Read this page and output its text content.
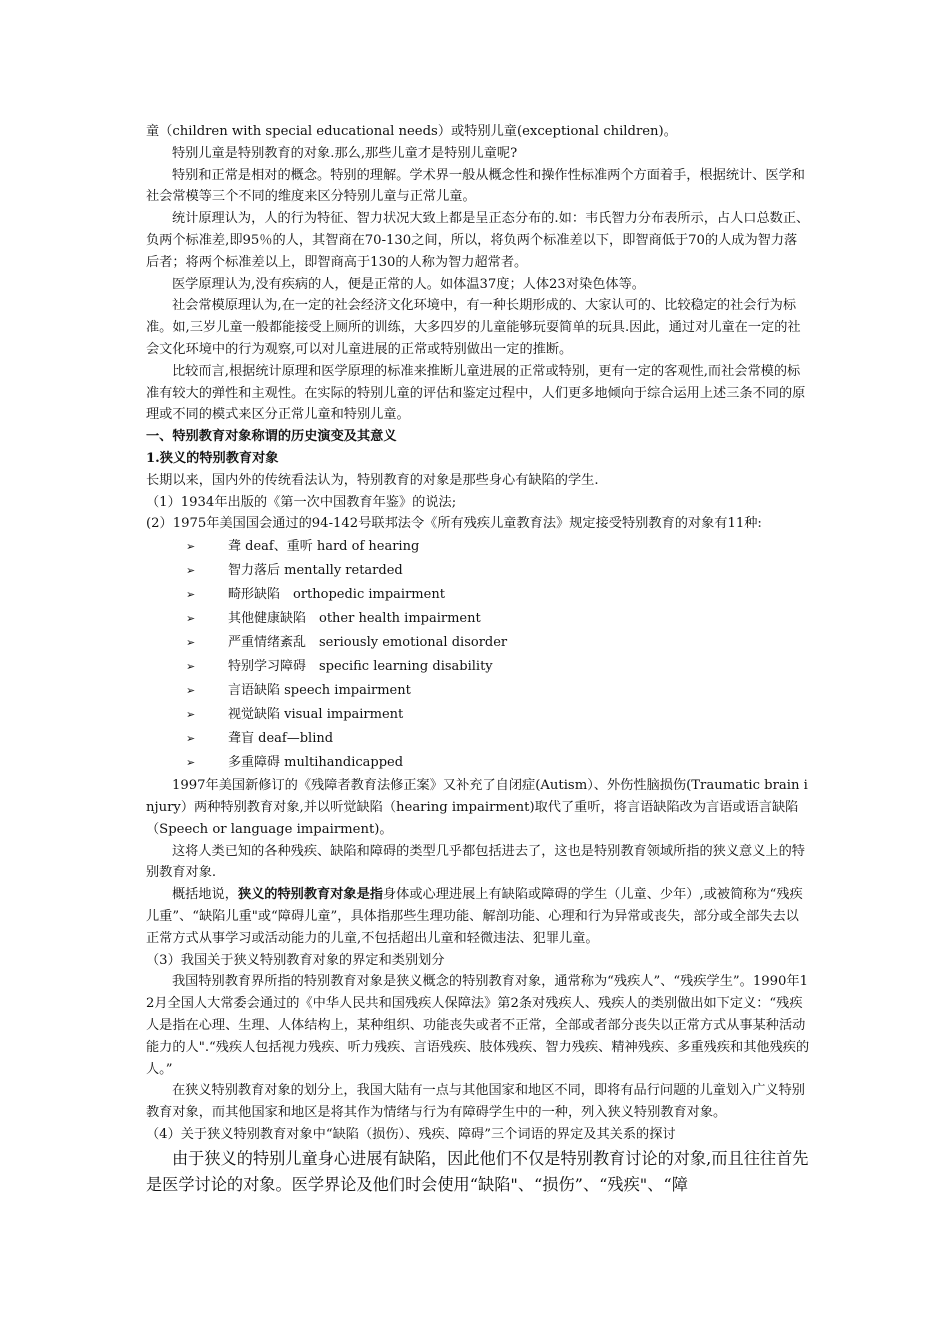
童（children with special educational needs）或特别儿童(exceptional children)。

特别儿童是特别教育的对象.那么,那些儿童才是特别儿童呢?

特别和正常是相对的概念。特别的理解。学术界一般从概念性和操作性标准两个方面着手，根据统计、医学和社会常模等三个不同的维度来区分特别儿童与正常儿童。

统计原理认为，人的行为特征、智力状况大致上都是呈正态分布的.如：韦氏智力分布表所示，占人口总数正、负两个标准差,即95％的人，其智商在70-130之间，所以，将负两个标准差以下，即智商低于70的人成为智力落后者；将两个标准差以上，即智商高于130的人称为智力超常者。

医学原理认为,没有疾病的人，便是正常的人。如体温37度；人体23对染色体等。

社会常模原理认为,在一定的社会经济文化环境中，有一种长期形成的、大家认可的、比较稳定的社会行为标准。如,三岁儿童一般都能接受上厕所的训练，大多四岁的儿童能够玩耍简单的玩具.因此，通过对儿童在一定的社会文化环境中的行为观察,可以对儿童进展的正常或特别做出一定的推断。

比较而言,根据统计原理和医学原理的标准来推断儿童进展的正常或特别，更有一定的客观性,而社会常模的标准有较大的弹性和主观性。在实际的特别儿童的评估和鉴定过程中，人们更多地倾向于综合运用上述三条不同的原理或不同的模式来区分正常儿童和特别儿童。

一、特别教育对象称谓的历史演变及其意义

1.狭义的特别教育对象

长期以来，国内外的传统看法认为，特别教育的对象是那些身心有缺陷的学生.

（1）1934年出版的《第一次中国教育年鉴》的说法;

(2）1975年美国国会通过的94-142号联邦法令《所有残疾儿童教育法》规定接受特别教育的对象有11种:

➢	聋 deaf、重听 hard of hearing
➢	智力落后 mentally retarded
➢	畸形缺陷　orthopedic impairment
➢	其他健康缺陷　other health impairment
➢	严重情绪紊乱　seriously emotional disorder
➢	特别学习障碍　specific learning disability
➢	言语缺陷 speech impairment
➢	视觉缺陷 visual impairment
➢	聋盲 deaf—blind
➢	多重障碍 multihandicapped

1997年美国新修订的《残障者教育法修正案》又补充了自闭症(Autism）、外伤性脑损伤(Traumatic brain injury）两种特别教育对象,并以听觉缺陷（hearing impairment)取代了重听，将言语缺陷改为言语或语言缺陷（Speech or language impairment)。

这将人类已知的各种残疾、缺陷和障碍的类型几乎都包括进去了，这也是特别教育领域所指的狭义意义上的特别教育对象.

概括地说，狭义的特别教育对象是指身体或心理进展上有缺陷或障碍的学生（儿童、少年）,或被简称为“残疾儿重”、“缺陷儿重"或“障碍儿童”，具体指那些生理功能、解剖功能、心理和行为异常或丧失，部分或全部失去以正常方式从事学习或活动能力的儿童,不包括超出儿童和轻微违法、犯罪儿童。

（3）我国关于狭义特别教育对象的界定和类别划分

我国特别教育界所指的特别教育对象是狭义概念的特别教育对象，通常称为“残疾人”、“残疾学生”。1990年12月全国人大常委会通过的《中华人民共和国残疾人保障法》第2条对残疾人、残疾人的类别做出如下定义：“残疾人是指在心理、生理、人体结构上，某种组织、功能丧失或者不正常，全部或者部分丧失以正常方式从事某种活动能力的人".“残疾人包括视力残疾、听力残疾、言语残疾、肢体残疾、智力残疾、精神残疾、多重残疾和其他残疾的人。”

在狭义特别教育对象的划分上，我国大陆有一点与其他国家和地区不同，即将有品行问题的儿童划入广义特别教育对象，而其他国家和地区是将其作为情绪与行为有障碍学生中的一种，列入狭义特别教育对象。

（4）关于狭义特别教育对象中“缺陷（损伤）、残疾、障碍”三个词语的界定及其关系的探讨

由于狭义的特别儿童身心进展有缺陷，因此他们不仅是特别教育讨论的对象,而且往往首先是医学讨论的对象。医学界论及他们时会使用“缺陷"、“损伤”、“残疾"、“障
